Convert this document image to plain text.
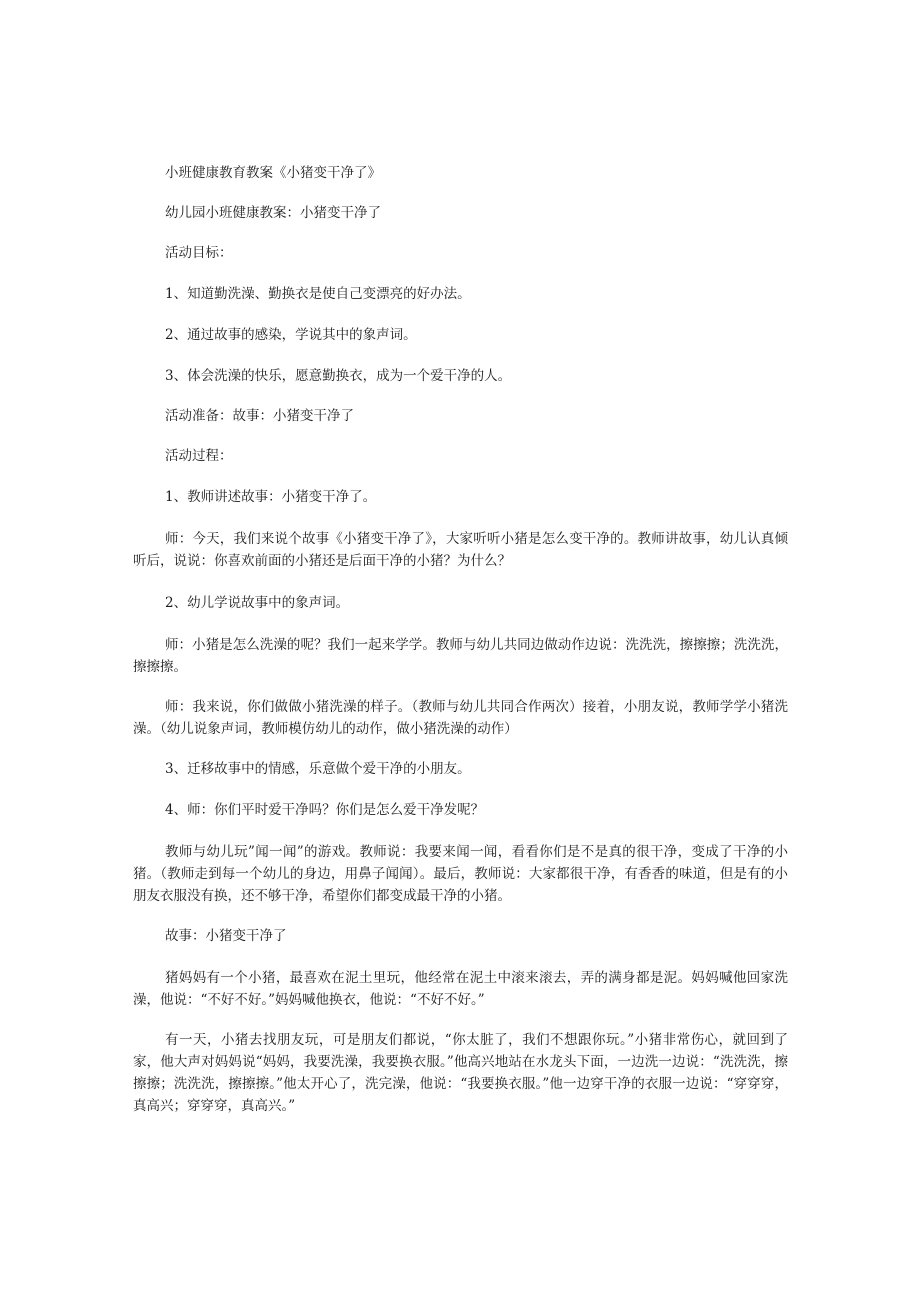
小班健康教育教案《小猪变干净了》

幼儿园小班健康教案：小猪变干净了

活动目标：

1、知道勤洗澡、勤换衣是使自己变漂亮的好办法。

2、通过故事的感染，学说其中的象声词。

3、体会洗澡的快乐，愿意勤换衣，成为一个爱干净的人。

活动准备：故事：小猪变干净了

活动过程：

1、教师讲述故事：小猪变干净了。

师：今天，我们来说个故事《小猪变干净了》，大家听听小猪是怎么变干净的。教师讲故事，幼儿认真倾听后，说说：你喜欢前面的小猪还是后面干净的小猪？为什么？

2、幼儿学说故事中的象声词。

师：小猪是怎么洗澡的呢？我们一起来学学。教师与幼儿共同边做动作边说：洗洗洗，擦擦擦；洗洗洗，擦擦擦。

师：我来说，你们做做小猪洗澡的样子。（教师与幼儿共同合作两次）接着，小朋友说，教师学学小猪洗澡。（幼儿说象声词，教师模仿幼儿的动作，做小猪洗澡的动作）

3、迁移故事中的情感，乐意做个爱干净的小朋友。

4、师：你们平时爱干净吗？你们是怎么爱干净发呢？

教师与幼儿玩”闻一闻”的游戏。教师说：我要来闻一闻，看看你们是不是真的很干净，变成了干净的小猪。（教师走到每一个幼儿的身边，用鼻子闻闻）。最后，教师说：大家都很干净，有香香的味道，但是有的小朋友衣服没有换，还不够干净，希望你们都变成最干净的小猪。

故事：小猪变干净了

猪妈妈有一个小猪，最喜欢在泥土里玩，他经常在泥土中滚来滚去，弄的满身都是泥。妈妈喊他回家洗澡，他说：“不好不好。”妈妈喊他换衣，他说：“不好不好。”

有一天，小猪去找朋友玩，可是朋友们都说，“你太脏了，我们不想跟你玩。”小猪非常伤心，就回到了家，他大声对妈妈说“妈妈，我要洗澡，我要换衣服。”他高兴地站在水龙头下面，一边洗一边说：“洗洗洗，擦擦擦；洗洗洗，擦擦擦。”他太开心了，洗完澡，他说：“我要换衣服。”他一边穿干净的衣服一边说：“穿穿穿，真高兴；穿穿穿，真高兴。”
